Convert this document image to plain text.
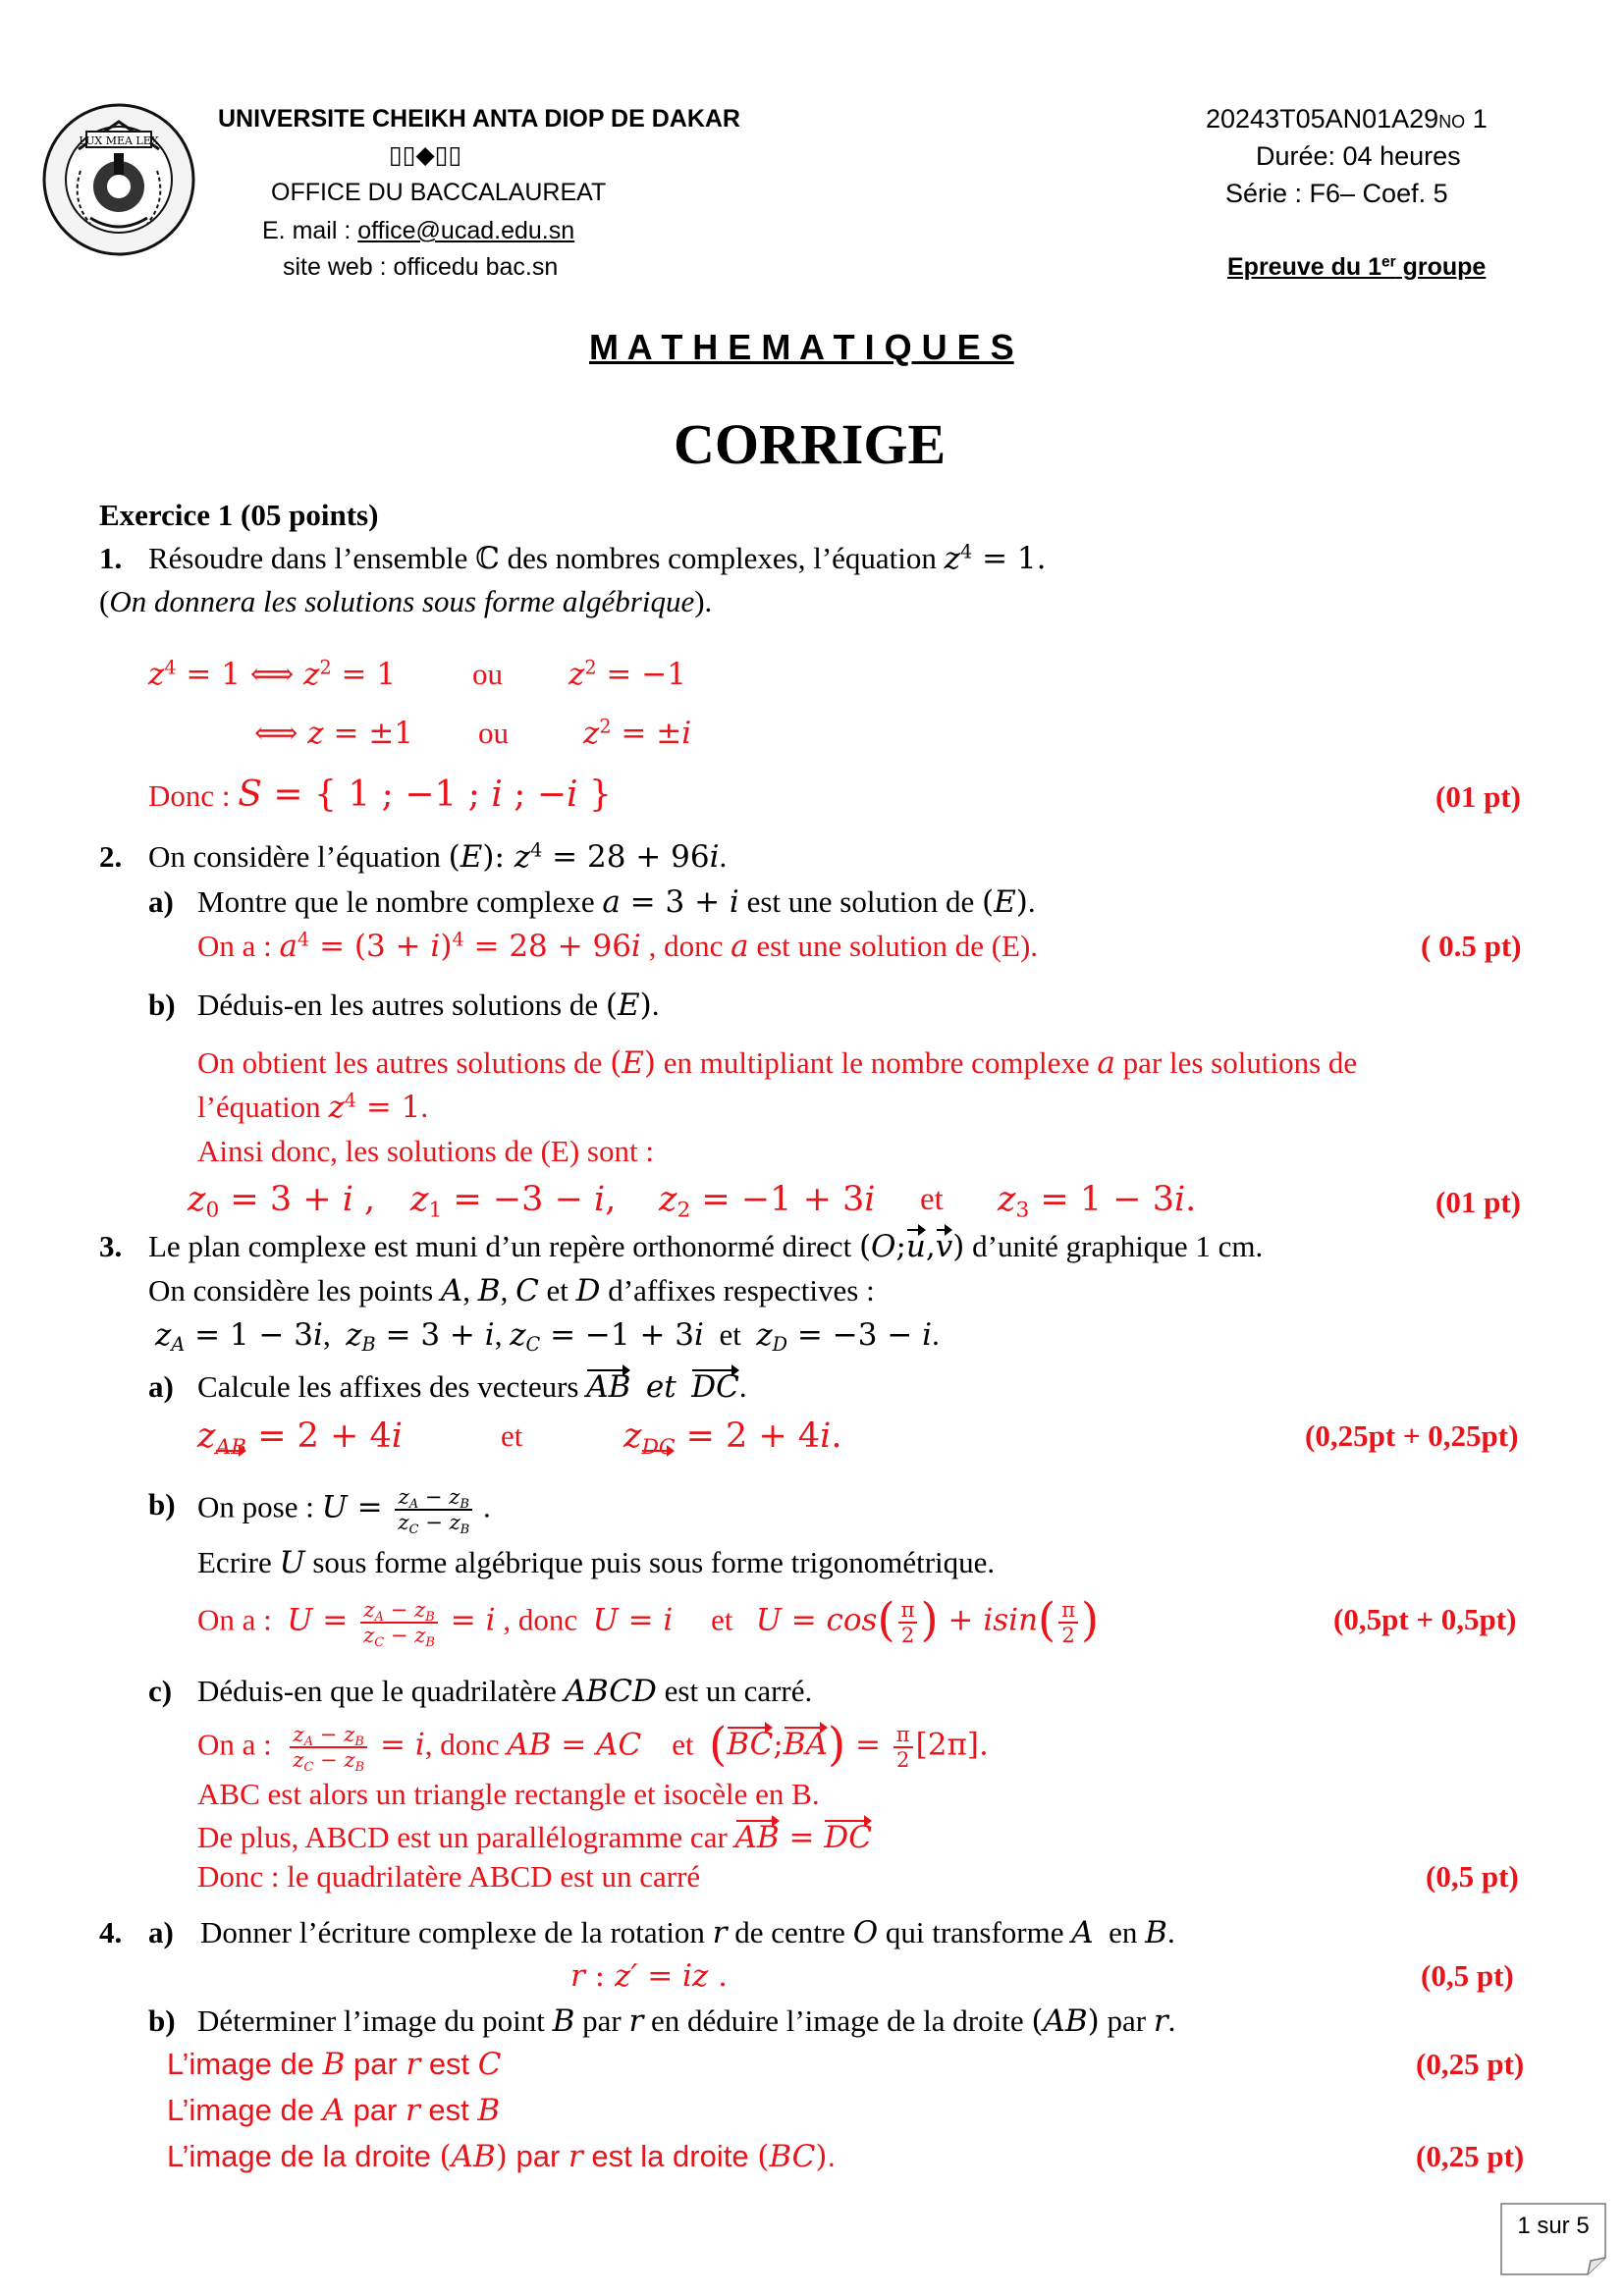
LUX MEA LEX
UNIVERSITE CHEIKH ANTA DIOP DE DAKAR
▯▯◆▯▯
OFFICE DU BACCALAUREAT
E. mail : office@ucad.edu.sn
site web : officedu bac.sn
20243T05AN01A29NO 1
Durée: 04 heures
Série : F6– Coef. 5
Epreuve du 1er groupe
M A T H E M A T I Q U E S
CORRIGE
Exercice 1 (05 points)
1. Résoudre dans l’ensemble ℂ des nombres complexes, l’équation $z^4 = 1$.
(On donnera les solutions sous forme algébrique).
$z^4 = 1$ ⟺ $z^2 = 1$	ou $z^2 = -1$
⟺ z = ±1 ou $z^2 = \pm i$
Donc : S = { 1 ; −1 ; i ; −i }	(01 pt)
2. On considère l’équation (E): $z^4 = 28 + 96i$.
a) Montre que le nombre complexe a = 3 + i est une solution de (E).
On a : $a^4 = (3 + i)^4 = 28 + 96i$ , donc a est une solution de (E).	( 0.5 pt)
b) Déduis-en les autres solutions de (E).
On obtient les autres solutions de (E) en multipliant le nombre complexe a par les solutions de
l’équation $z^4 = 1$.
Ainsi donc, les solutions de (E) sont :
$z_0 = 3 + i$ , $z_1 = -3 - i$, $z_2 = -1 + 3i$ et $z_3 = 1 - 3i$.	(01 pt)
3. Le plan complexe est muni d’un repère orthonormé direct (O;u,v) d’unité graphique 1 cm.
On considère les points A, B, C et D d’affixes respectives :
$z_A = 1 - 3i$,  $z_B = 3 + i$, $z_C = -1 + 3i$  et  $z_D = -3 - i$.
a) Calcule les affixes des vecteurs AB et DC.
$z_{AB} = 2 + 4i$	et	$z_{DC} = 2 + 4i$.	(0,25pt + 0,25pt)
b) On pose : $U = \frac{z_A - z_B}{z_C - z_B}$ .
Ecrire U sous forme algébrique puis sous forme trigonométrique.
On a :  $U = \frac{z_A - z_B}{z_C - z_B} = i$ , donc  U = i     et   $U = \cos( \frac{\pi}{2}$ ) + $isin( \frac{\pi}{2}$ )	(0,5pt + 0,5pt)
c) Déduis-en que le quadrilatère ABCD est un carré.
On a : $\frac{z_A - z_B}{z_C - z_B} = i$, donc AB = AC    et  (BC;BA) = $\frac{\pi}{2} [2\pi]$.
ABC est alors un triangle rectangle et isocèle en B.
De plus, ABCD est un parallélogramme car AB = DC
Donc : le quadrilatère ABCD est un carré	(0,5 pt)
4. a) Donner l’écriture complexe de la rotation r de centre O qui transforme A  en B.
r : z′ = iz .	(0,5 pt)
b) Déterminer l’image du point B par r en déduire l’image de la droite (AB) par r.
L’image de B par r est C	(0,25 pt)
L’image de A par r est B
L’image de la droite (AB) par r est la droite (BC).	(0,25 pt)
1 sur 5
